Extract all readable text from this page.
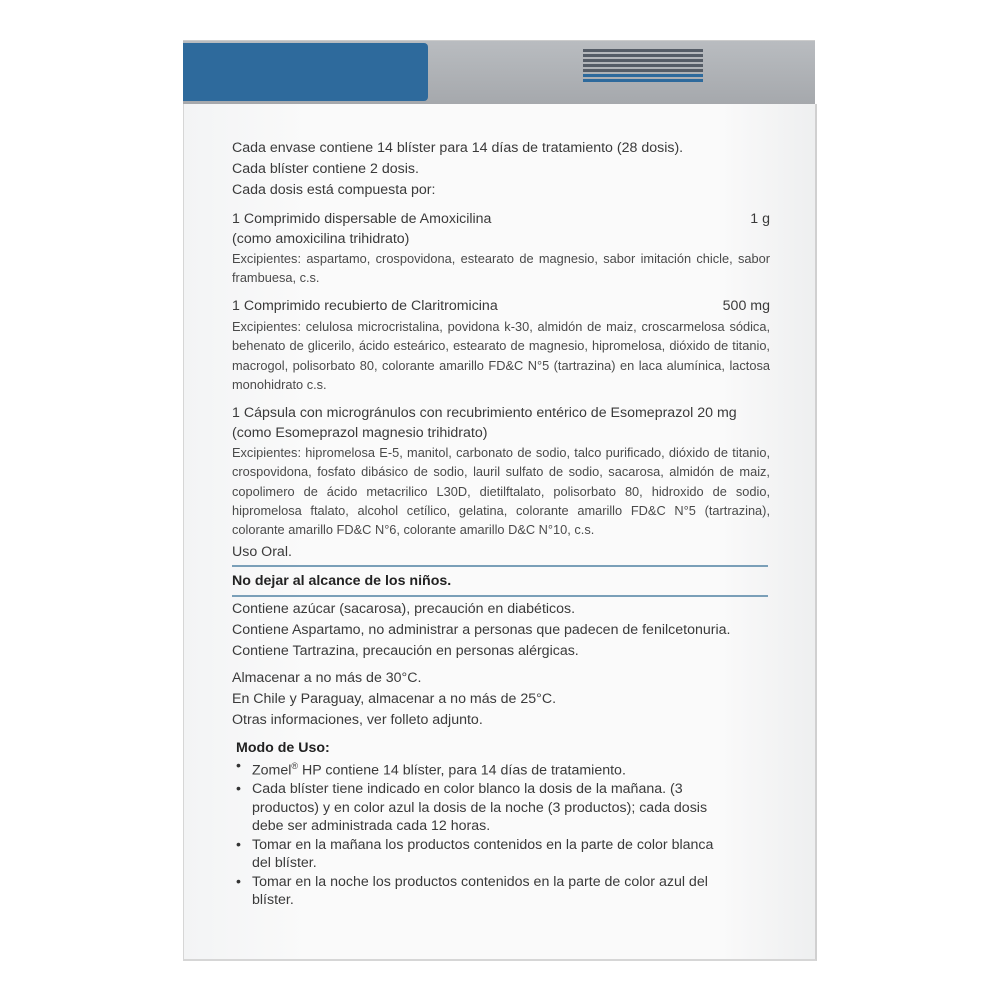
Cada envase contiene 14 blíster para 14 días de tratamiento (28 dosis).
Cada blíster contiene 2 dosis.
Cada dosis está compuesta por:
1 Comprimido dispersable de Amoxicilina	1 g
(como amoxicilina trihidrato)
Excipientes: aspartamo, crospovidona, estearato de magnesio, sabor imitación chicle, sabor frambuesa, c.s.
1 Comprimido recubierto de Claritromicina	500 mg
Excipientes: celulosa microcristalina, povidona k-30, almidón de maiz, croscarmelosa sódica, behenato de glicerilo, ácido esteárico, estearato de magnesio, hipromelosa, dióxido de titanio, macrogol, polisorbato 80, colorante amarillo FD&C N°5 (tartrazina) en laca alumínica, lactosa monohidrato c.s.
1 Cápsula con microgránulos con recubrimiento entérico de Esomeprazol 20 mg
(como Esomeprazol magnesio trihidrato)
Excipientes: hipromelosa E-5, manitol, carbonato de sodio, talco purificado, dióxido de titanio, crospovidona, fosfato dibásico de sodio, lauril sulfato de sodio, sacarosa, almidón de maiz, copolimero de ácido metacrilico L30D, dietilftalato, polisorbato 80, hidroxido de sodio, hipromelosa ftalato, alcohol cetílico, gelatina, colorante amarillo FD&C N°5 (tartrazina), colorante amarillo FD&C N°6, colorante amarillo D&C N°10, c.s.
Uso Oral.
No dejar al alcance de los niños.
Contiene azúcar (sacarosa), precaución en diabéticos.
Contiene Aspartamo, no administrar a personas que padecen de fenilcetonuria.
Contiene Tartrazina, precaución en personas alérgicas.
Almacenar a no más de 30°C.
En Chile y Paraguay, almacenar a no más de 25°C.
Otras informaciones, ver folleto adjunto.
Modo de Uso:
• Zomel® HP contiene 14 blíster, para 14 días de tratamiento.
• Cada blíster tiene indicado en color blanco la dosis de la mañana. (3 productos) y en color azul la dosis de la noche (3 productos); cada dosis debe ser administrada cada 12 horas.
• Tomar en la mañana los productos contenidos en la parte de color blanca del blíster.
• Tomar en la noche los productos contenidos en la parte de color azul del blíster.
